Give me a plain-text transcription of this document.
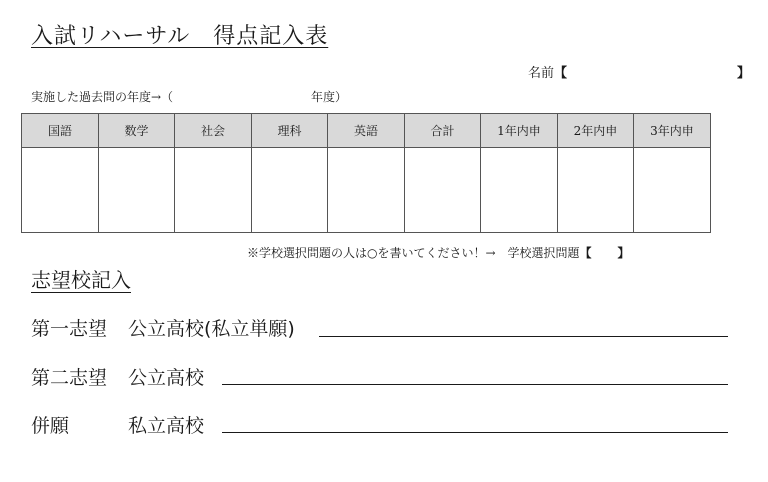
入試リハーサル　得点記入表
名前【	】
実施した過去問の年度→（	年度）
国語	数学	社会	理科	英語	合計	1年内申	2年内申	3年内申

※学校選択問題の人は○を書いてください！→　学校選択問題【 】
志望校記入
第一志望 公立高校(私立単願)
第二志望 公立高校
併願	私立高校
